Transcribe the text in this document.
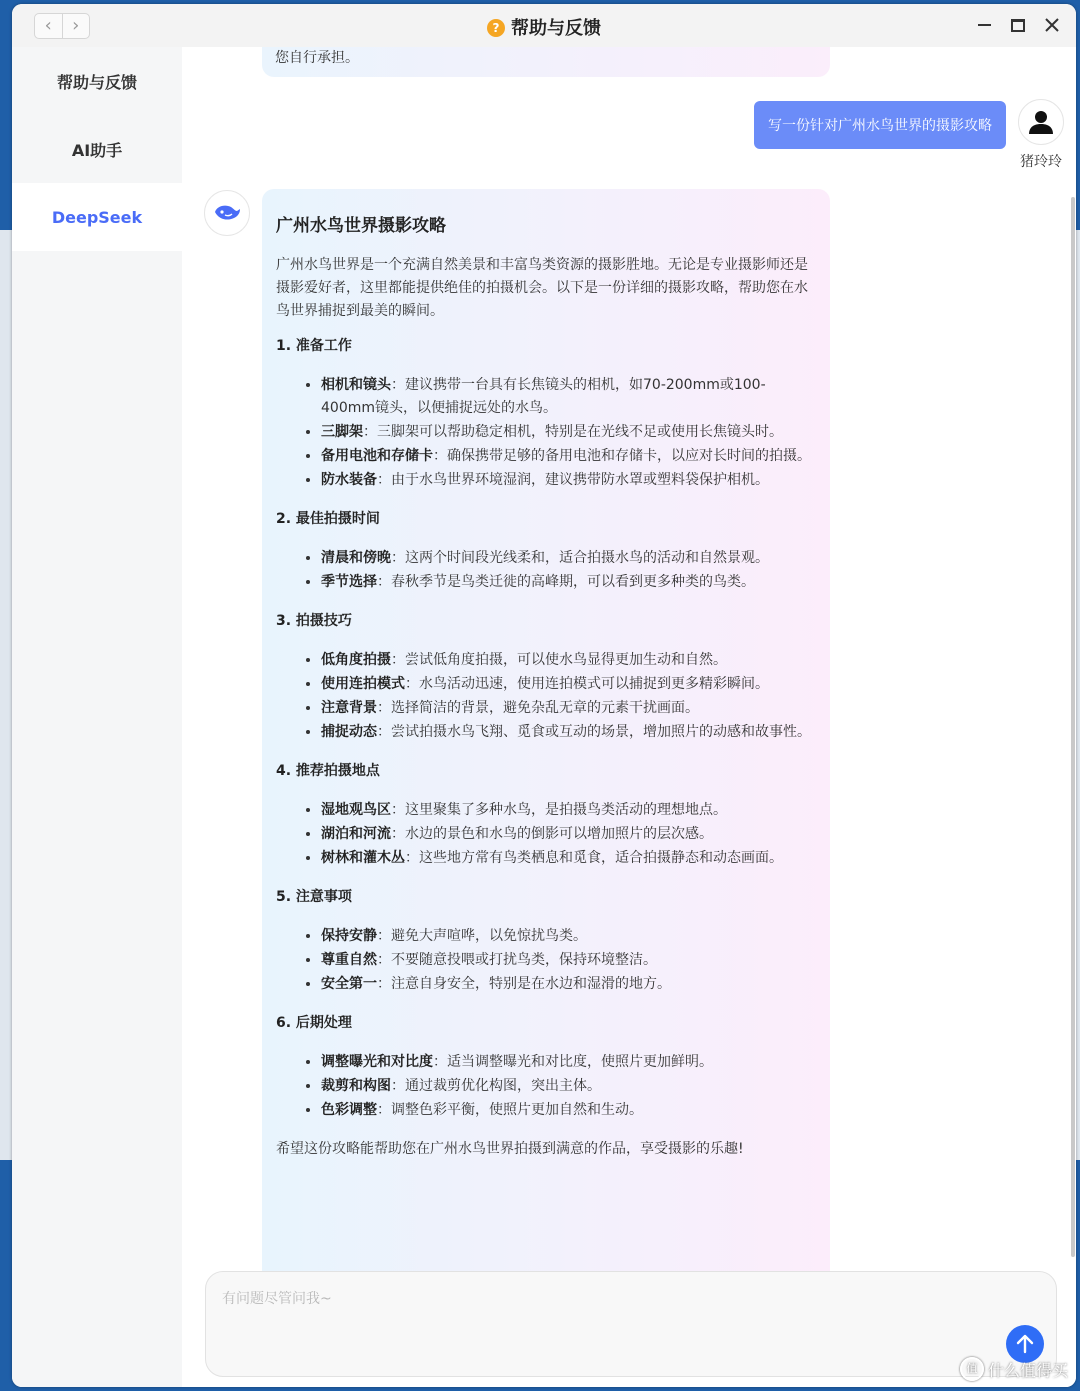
‹	›	? 帮助与反馈
帮助与反馈
AI助手
DeepSeek
您自行承担。
写一份针对广州水鸟世界的摄影攻略
猪玲玲
广州水鸟世界摄影攻略

广州水鸟世界是一个充满自然美景和丰富鸟类资源的摄影胜地。无论是专业摄影师还是摄影爱好者，这里都能提供绝佳的拍摄机会。以下是一份详细的摄影攻略，帮助您在水鸟世界捕捉到最美的瞬间。

1. 准备工作
• 相机和镜头：建议携带一台具有长焦镜头的相机，如70-200mm或100-400mm镜头，以便捕捉远处的水鸟。
• 三脚架：三脚架可以帮助稳定相机，特别是在光线不足或使用长焦镜头时。
• 备用电池和存储卡：确保携带足够的备用电池和存储卡，以应对长时间的拍摄。
• 防水装备：由于水鸟世界环境湿润，建议携带防水罩或塑料袋保护相机。
2. 最佳拍摄时间
• 清晨和傍晚：这两个时间段光线柔和，适合拍摄水鸟的活动和自然景观。
• 季节选择：春秋季节是鸟类迁徙的高峰期，可以看到更多种类的鸟类。
3. 拍摄技巧
• 低角度拍摄：尝试低角度拍摄，可以使水鸟显得更加生动和自然。
• 使用连拍模式：水鸟活动迅速，使用连拍模式可以捕捉到更多精彩瞬间。
• 注意背景：选择简洁的背景，避免杂乱无章的元素干扰画面。
• 捕捉动态：尝试拍摄水鸟飞翔、觅食或互动的场景，增加照片的动感和故事性。
4. 推荐拍摄地点
• 湿地观鸟区：这里聚集了多种水鸟，是拍摄鸟类活动的理想地点。
• 湖泊和河流：水边的景色和水鸟的倒影可以增加照片的层次感。
• 树林和灌木丛：这些地方常有鸟类栖息和觅食，适合拍摄静态和动态画面。
5. 注意事项
• 保持安静：避免大声喧哗，以免惊扰鸟类。
• 尊重自然：不要随意投喂或打扰鸟类，保持环境整洁。
• 安全第一：注意自身安全，特别是在水边和湿滑的地方。
6. 后期处理
• 调整曝光和对比度：适当调整曝光和对比度，使照片更加鲜明。
• 裁剪和构图：通过裁剪优化构图，突出主体。
• 色彩调整：调整色彩平衡，使照片更加自然和生动。

希望这份攻略能帮助您在广州水鸟世界拍摄到满意的作品，享受摄影的乐趣!

有问题尽管问我~
值 什么值得买
